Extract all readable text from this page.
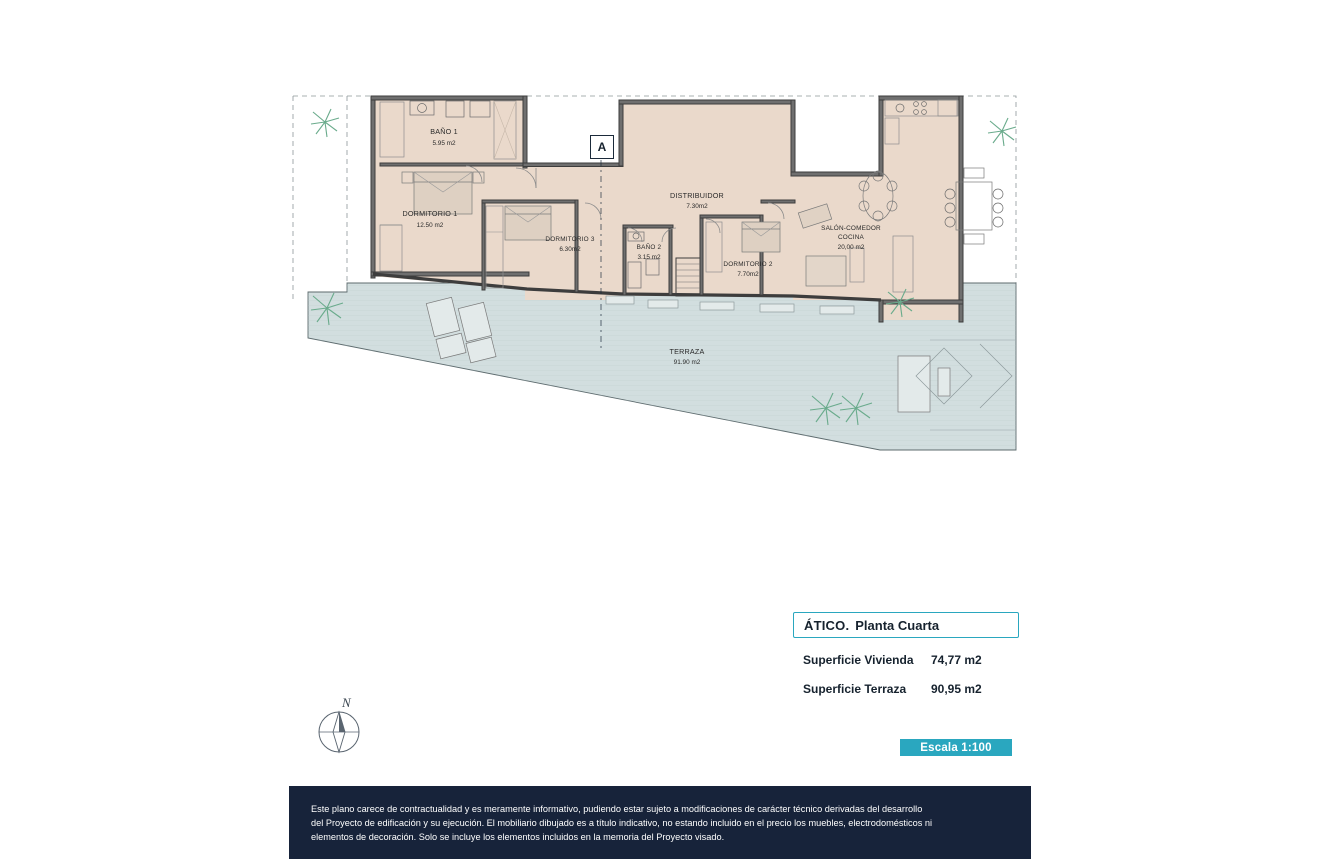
BAÑO 1
5.95 m2
DORMITORIO 1
12.50 m2
DORMITORIO 3
6.30m2	BAÑO 2
3.15 m2
DISTRIBUIDOR
7.30m2
DORMITORIO 2
7.70m2
SALÓN-COMEDOR
COCINA
20,00 m2
TERRAZA
91.90 m2
A
ÁTICO. Planta Cuarta
Superficie Vivienda 74,77 m2
Superficie Terraza 90,95 m2
Escala 1:100
N

Este plano carece de contractualidad y es meramente informativo, pudiendo estar sujeto a modificaciones de carácter técnico derivadas del desarrollo

del Proyecto de edificación y su ejecución. El mobiliario dibujado es a título indicativo, no estando incluido en el precio los muebles, electrodomésticos ni

elementos de decoración. Solo se incluye los elementos incluidos en la memoria del Proyecto visado.
